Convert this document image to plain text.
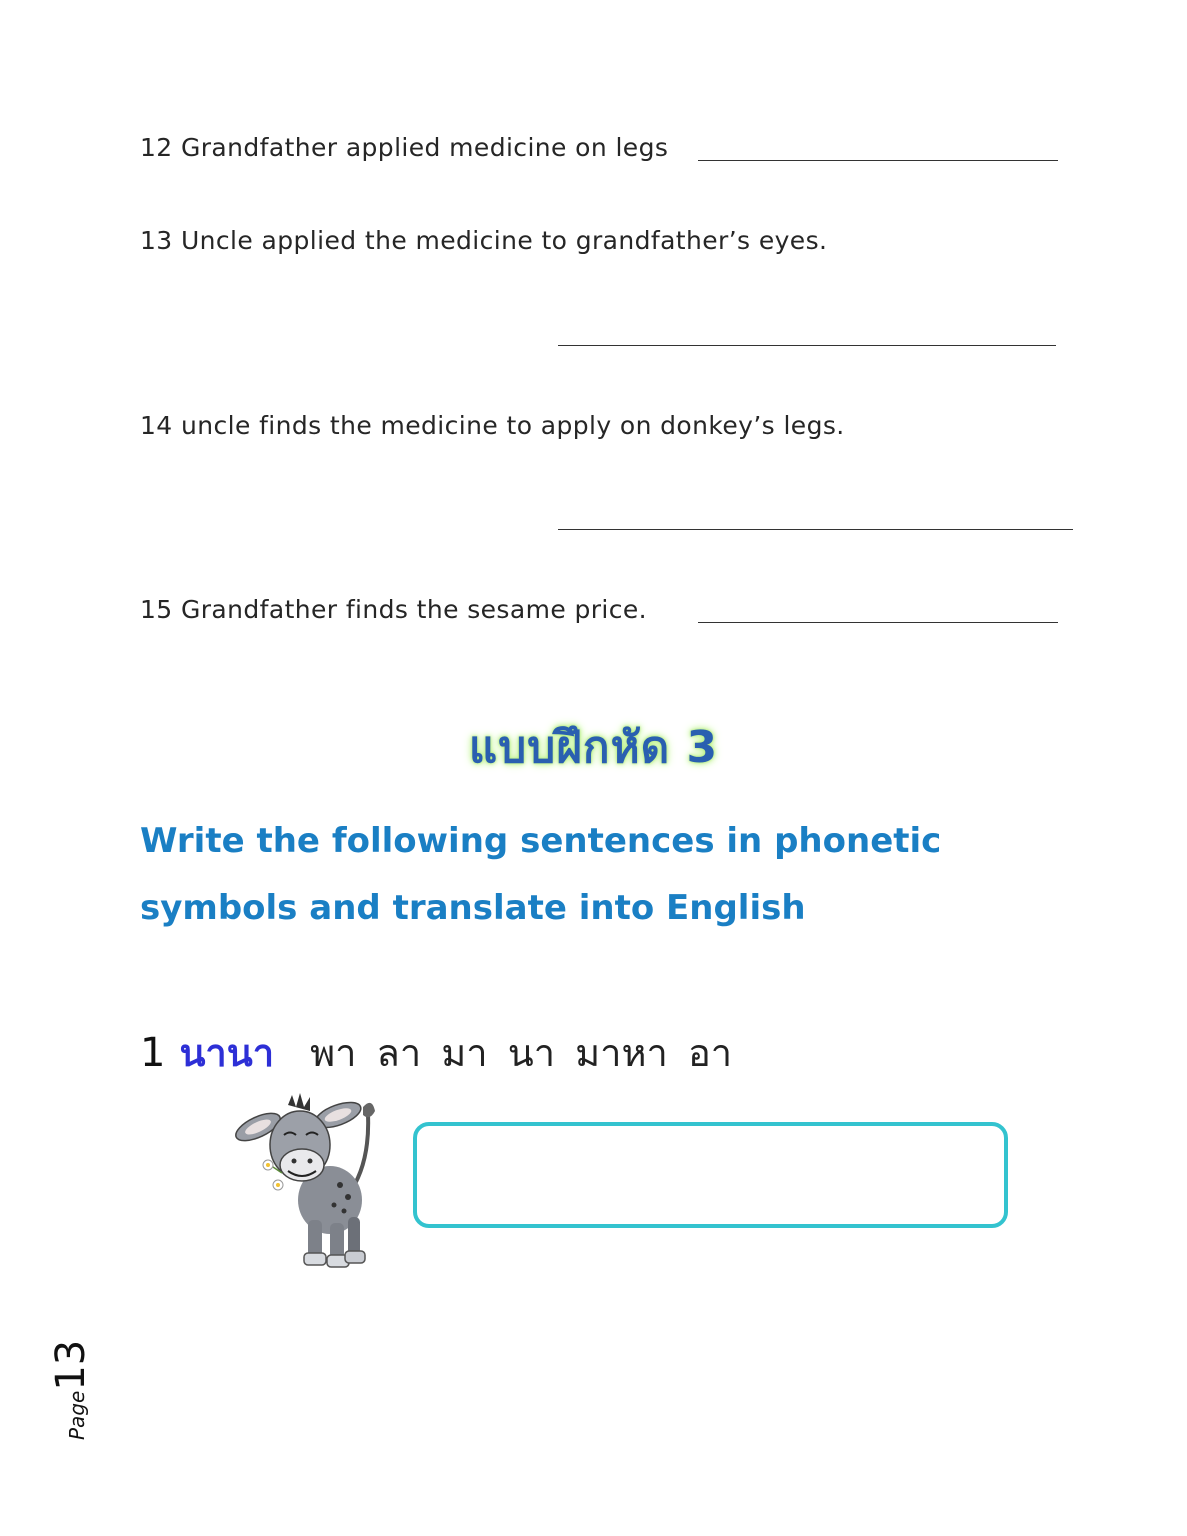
12 Grandfather applied medicine on legs
13 Uncle applied the medicine to grandfather’s eyes.
14 uncle finds the medicine to apply on donkey’s legs.
15 Grandfather finds the sesame price.
แบบฝึกหัด 3
Write the following sentences in phonetic symbols and translate into English
1 นานา พา ลา มา นา มาหา อา
Page13
